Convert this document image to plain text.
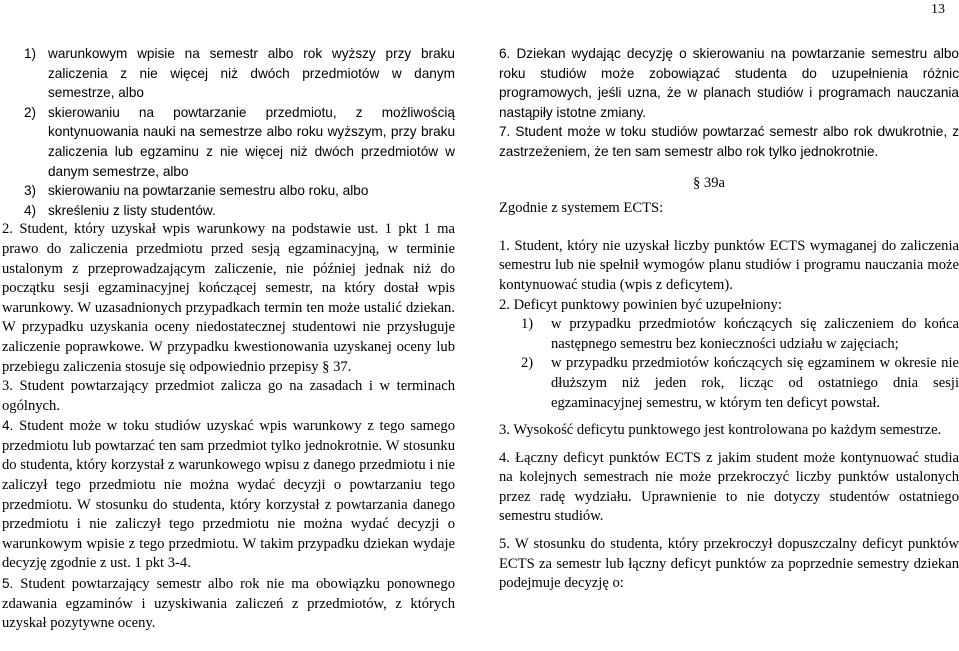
13
1) warunkowym wpisie na semestr albo rok wyższy przy braku zaliczenia z nie więcej niż dwóch przedmiotów w danym semestrze, albo

2) skierowaniu na powtarzanie przedmiotu, z możliwością kontynuowania nauki na semestrze albo roku wyższym, przy braku zaliczenia lub egzaminu z nie więcej niż dwóch przedmiotów w danym semestrze, albo

3) skierowaniu na powtarzanie semestru albo roku, albo

4) skreśleniu z listy studentów.

2. Student, który uzyskał wpis warunkowy na podstawie ust. 1 pkt 1 ma prawo do zaliczenia przedmiotu przed sesją egzaminacyjną, w terminie ustalonym z przeprowadzającym zaliczenie, nie później jednak niż do początku sesji egzaminacyjnej kończącej semestr, na który dostał wpis warunkowy. W uzasadnionych przypadkach termin ten może ustalić dziekan. W przypadku uzyskania oceny niedostatecznej studentowi nie przysługuje zaliczenie poprawkowe. W przypadku kwestionowania uzyskanej oceny lub przebiegu zaliczenia stosuje się odpowiednio przepisy § 37.

3. Student powtarzający przedmiot zalicza go na zasadach i w terminach ogólnych.

4. Student może w toku studiów uzyskać wpis warunkowy z tego samego przedmiotu lub powtarzać ten sam przedmiot tylko jednokrotnie. W stosunku do studenta, który korzystał z warunkowego wpisu z danego przedmiotu i nie zaliczył tego przedmiotu nie można wydać decyzji o powtarzaniu tego przedmiotu. W stosunku do studenta, który korzystał z powtarzania danego przedmiotu i nie zaliczył tego przedmiotu nie można wydać decyzji o warunkowym wpisie z tego przedmiotu. W takim przypadku dziekan wydaje decyzję zgodnie z ust. 1 pkt 3-4.

5. Student powtarzający semestr albo rok nie ma obowiązku ponownego zdawania egzaminów i uzyskiwania zaliczeń z przedmiotów, z których uzyskał pozytywne oceny.

6. Dziekan wydając decyzję o skierowaniu na powtarzanie semestru albo roku studiów może zobowiązać studenta do uzupełnienia różnic programowych, jeśli uzna, że w planach studiów i programach nauczania nastąpiły istotne zmiany.

7. Student może w toku studiów powtarzać semestr albo rok dwukrotnie, z zastrzeżeniem, że ten sam semestr albo rok tylko jednokrotnie.

§ 39a

Zgodnie z systemem ECTS:

1. Student, który nie uzyskał liczby punktów ECTS wymaganej do zaliczenia semestru lub nie spełnił wymogów planu studiów i programu nauczania może kontynuować studia (wpis z deficytem).

2. Deficyt punktowy powinien być uzupełniony:

1) w przypadku przedmiotów kończących się zaliczeniem do końca następnego semestru bez konieczności udziału w zajęciach;

2) w przypadku przedmiotów kończących się egzaminem w okresie nie dłuższym niż jeden rok, licząc od ostatniego dnia sesji egzaminacyjnej semestru, w którym ten deficyt powstał.

3. Wysokość deficytu punktowego jest kontrolowana po każdym semestrze.

4. Łączny deficyt punktów ECTS z jakim student może kontynuować studia na kolejnych semestrach nie może przekroczyć liczby punktów ustalonych przez radę wydziału. Uprawnienie to nie dotyczy studentów ostatniego semestru studiów.

5. W stosunku do studenta, który przekroczył dopuszczalny deficyt punktów ECTS za semestr lub łączny deficyt punktów za poprzednie semestry dziekan podejmuje decyzję o:
